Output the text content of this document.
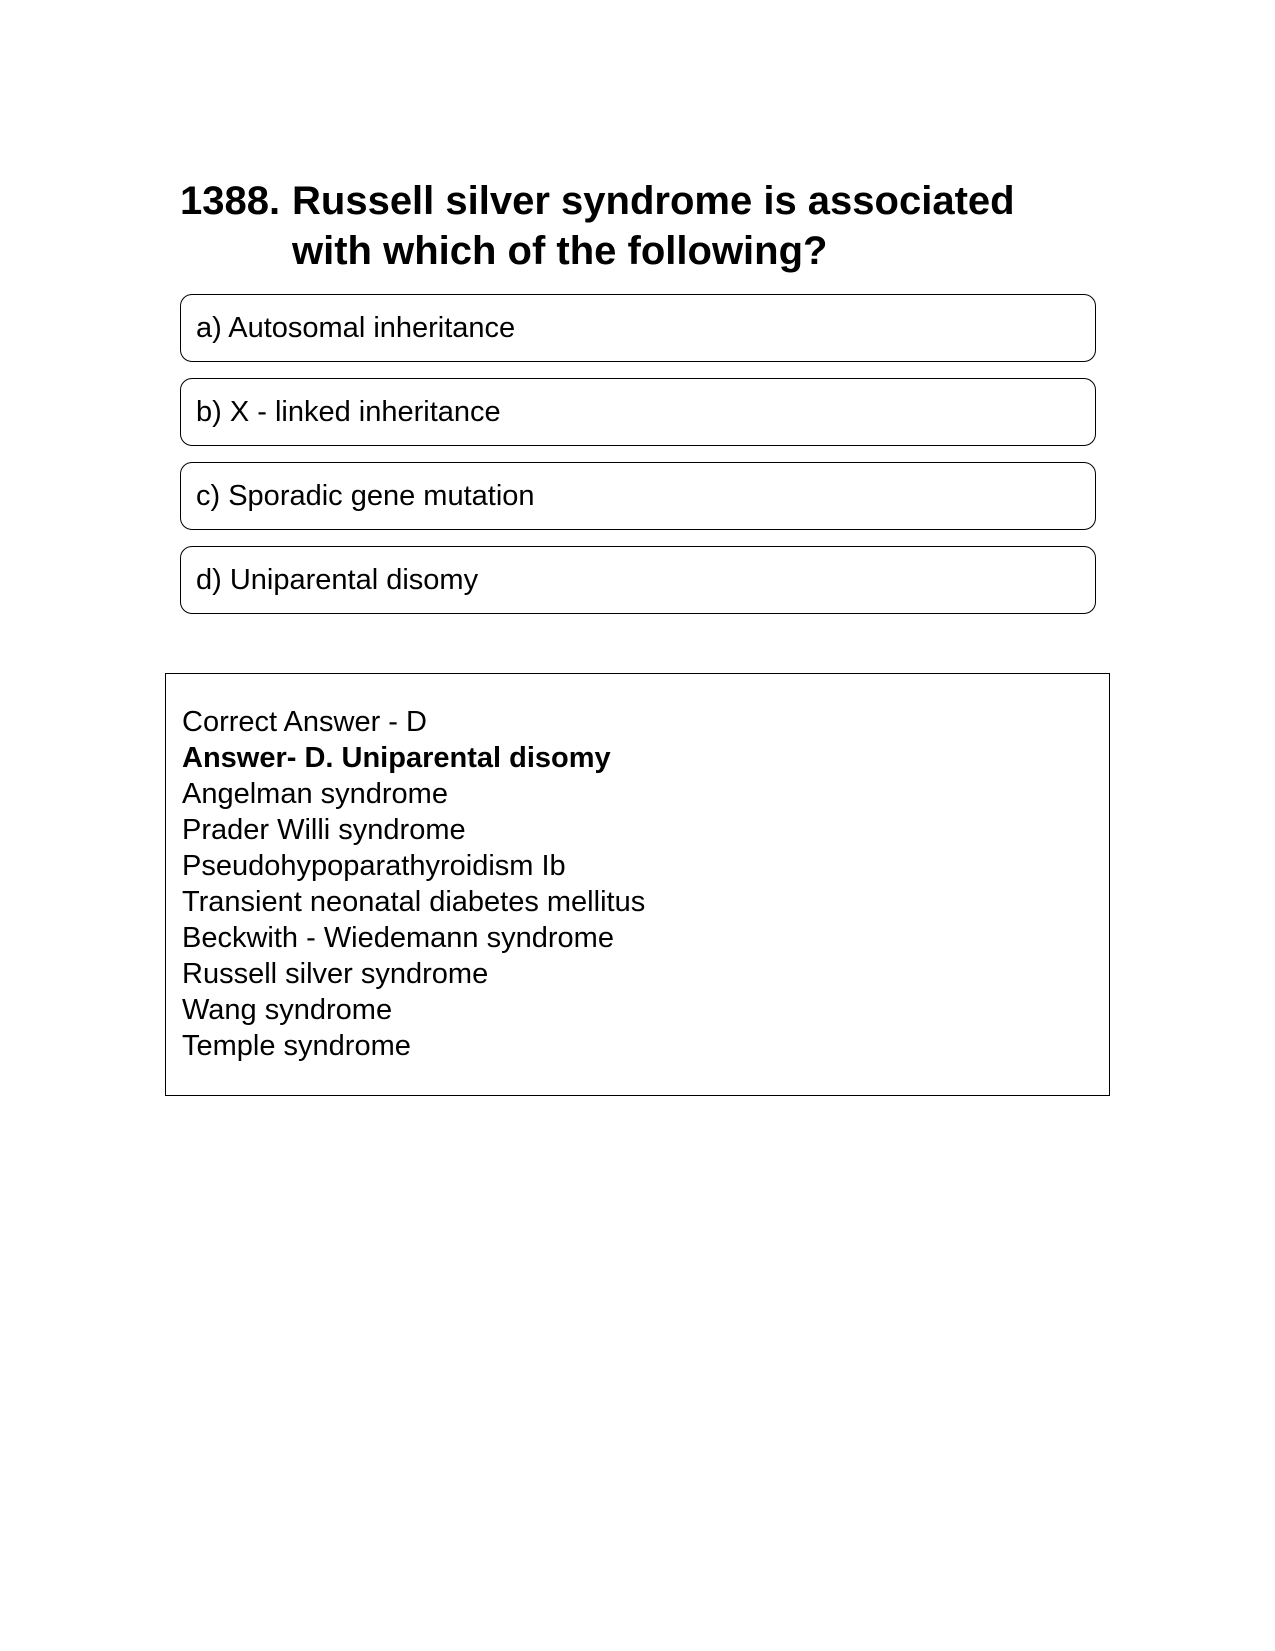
1388. Russell silver syndrome is associated with which of the following?
a) Autosomal inheritance
b) X - linked inheritance
c) Sporadic gene mutation
d) Uniparental disomy
Correct Answer - D
Answer- D. Uniparental disomy
Angelman syndrome
Prader Willi syndrome
Pseudohypoparathyroidism Ib
Transient neonatal diabetes mellitus
Beckwith - Wiedemann syndrome
Russell silver syndrome
Wang syndrome
Temple syndrome
